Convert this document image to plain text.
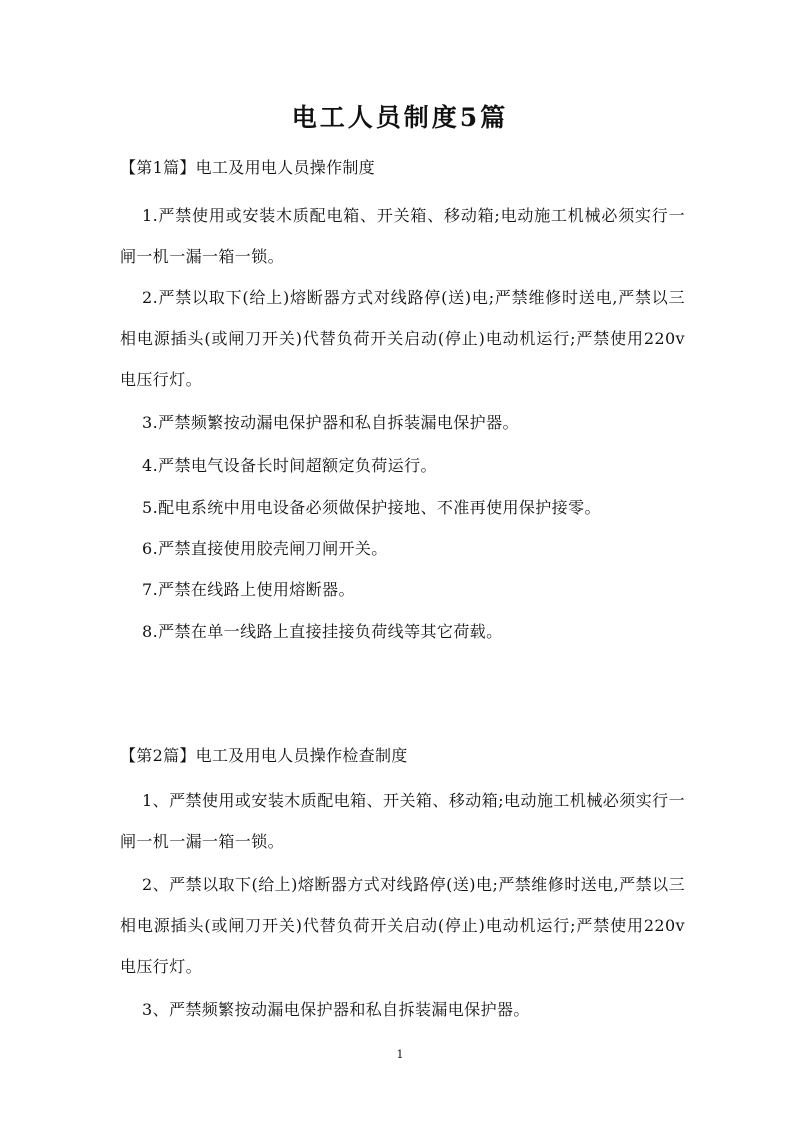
电工人员制度5篇

【第1篇】电工及用电人员操作制度

1.严禁使用或安装木质配电箱、开关箱、移动箱;电动施工机械必须实行一闸一机一漏一箱一锁。

2.严禁以取下(给上)熔断器方式对线路停(送)电;严禁维修时送电,严禁以三相电源插头(或闸刀开关)代替负荷开关启动(停止)电动机运行;严禁使用220v电压行灯。

3.严禁频繁按动漏电保护器和私自拆装漏电保护器。

4.严禁电气设备长时间超额定负荷运行。

5.配电系统中用电设备必须做保护接地、不准再使用保护接零。

6.严禁直接使用胶壳闸刀闸开关。

7.严禁在线路上使用熔断器。

8.严禁在单一线路上直接挂接负荷线等其它荷载。

【第2篇】电工及用电人员操作检查制度

1、严禁使用或安装木质配电箱、开关箱、移动箱;电动施工机械必须实行一闸一机一漏一箱一锁。

2、严禁以取下(给上)熔断器方式对线路停(送)电;严禁维修时送电,严禁以三相电源插头(或闸刀开关)代替负荷开关启动(停止)电动机运行;严禁使用220v电压行灯。

3、严禁频繁按动漏电保护器和私自拆装漏电保护器。

1
